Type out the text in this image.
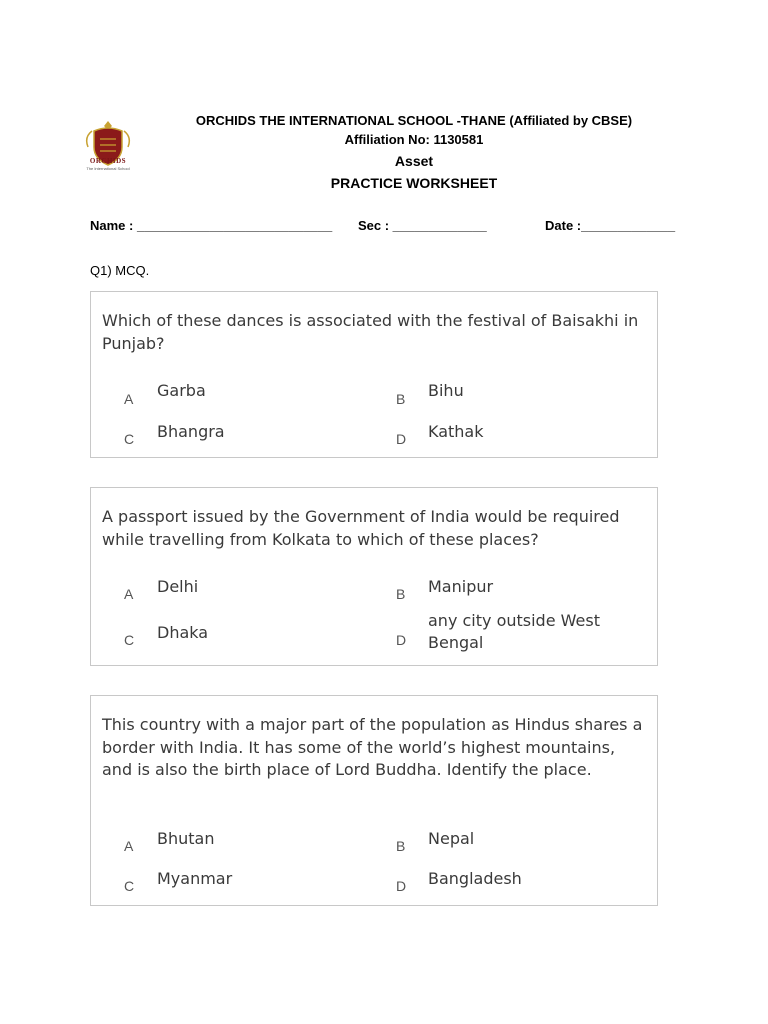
ORCHIDS
The International School
ORCHIDS THE INTERNATIONAL SCHOOL -THANE (Affiliated by CBSE)
Affiliation No: 1130581
Asset
PRACTICE WORKSHEET
Name : ___________________________ Sec : _____________	Date :_____________
Q1) MCQ.
Which of these dances is associated with the festival of Baisakhi in Punjab?
A Garba	B Bihu
C Bhangra	D Kathak
A passport issued by the Government of India would be required while travelling from Kolkata to which of these places?
A Delhi	B Manipur
C Dhaka	D
any city outside West Bengal
This country with a major part of the population as Hindus shares a border with India. It has some of the world’s highest mountains, and is also the birth place of Lord Buddha. Identify the place.
A Bhutan	B Nepal
C Myanmar	D Bangladesh
